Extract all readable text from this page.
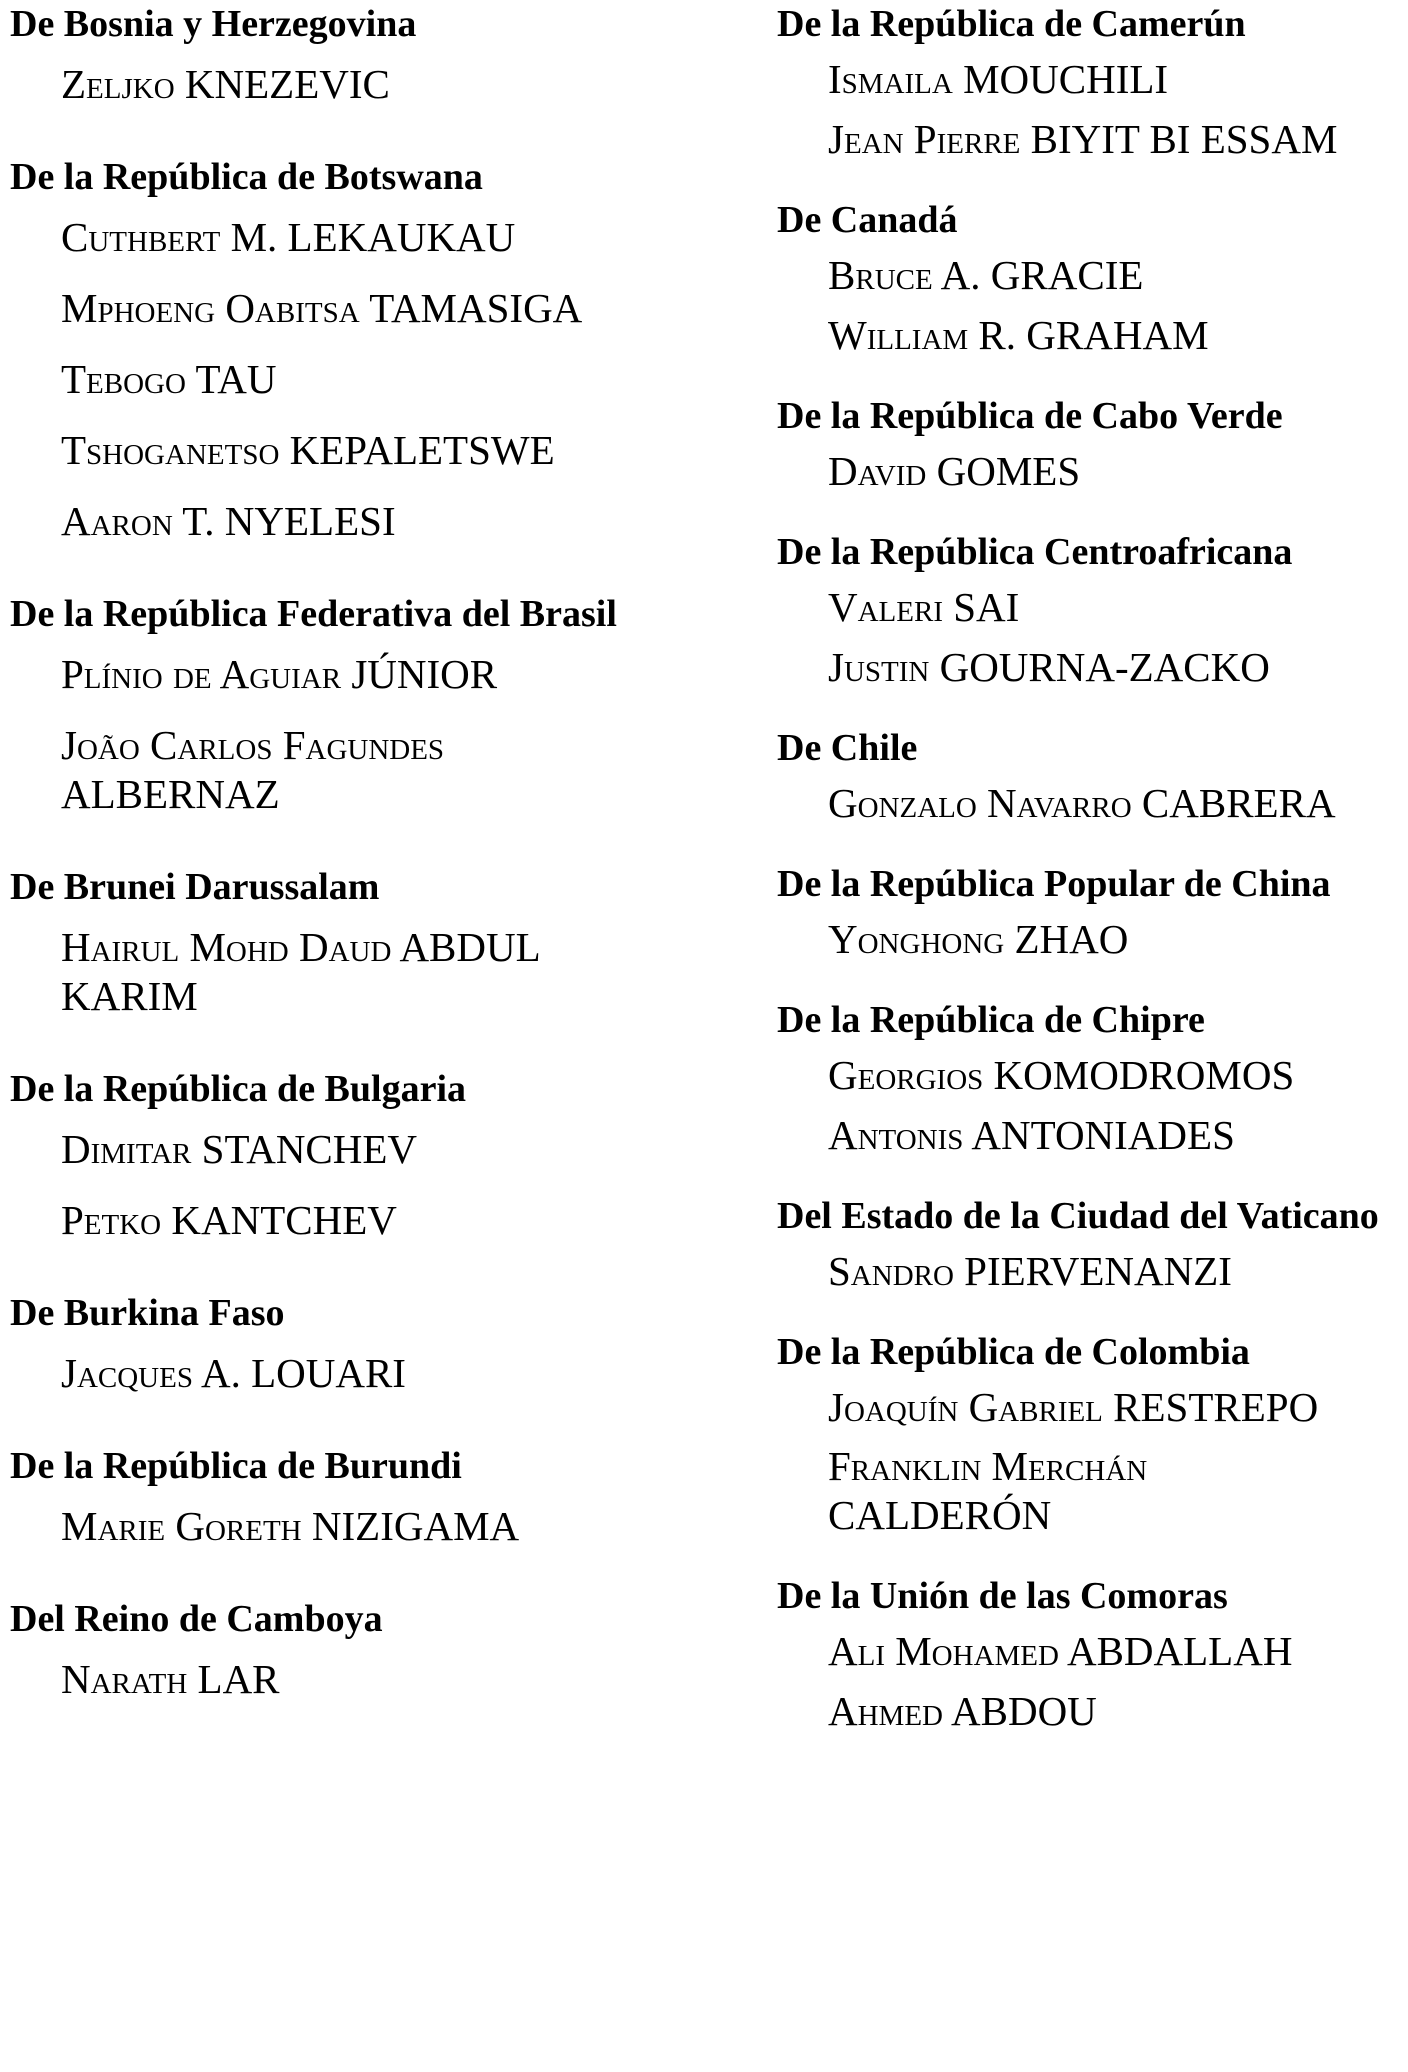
De Bosnia y Herzegovina

Zeljko KNEZEVIC

De la República de Botswana

Cuthbert M. LEKAUKAU

Mphoeng Oabitsa TAMASIGA

Tebogo TAU

Tshoganetso KEPALETSWE

Aaron T. NYELESI

De la República Federativa del Brasil

Plínio de Aguiar JÚNIOR

João Carlos Fagundes ALBERNAZ

De Brunei Darussalam

Hairul Mohd Daud ABDUL KARIM

De la República de Bulgaria

Dimitar STANCHEV

Petko KANTCHEV

De Burkina Faso

Jacques A. LOUARI

De la República de Burundi

Marie Goreth NIZIGAMA

Del Reino de Camboya

Narath LAR

De la República de Camerún

Ismaila MOUCHILI

Jean Pierre BIYIT BI ESSAM

De Canadá

Bruce A. GRACIE

William R. GRAHAM

De la República de Cabo Verde

David GOMES

De la República Centroafricana

Valeri SAI

Justin GOURNA-ZACKO

De Chile

Gonzalo Navarro CABRERA

De la República Popular de China

Yonghong ZHAO

De la República de Chipre

Georgios KOMODROMOS

Antonis ANTONIADES

Del Estado de la Ciudad del Vaticano

Sandro PIERVENANZI

De la República de Colombia

Joaquín Gabriel RESTREPO

Franklin Merchán CALDERÓN

De la Unión de las Comoras

Ali Mohamed ABDALLAH

Ahmed ABDOU
